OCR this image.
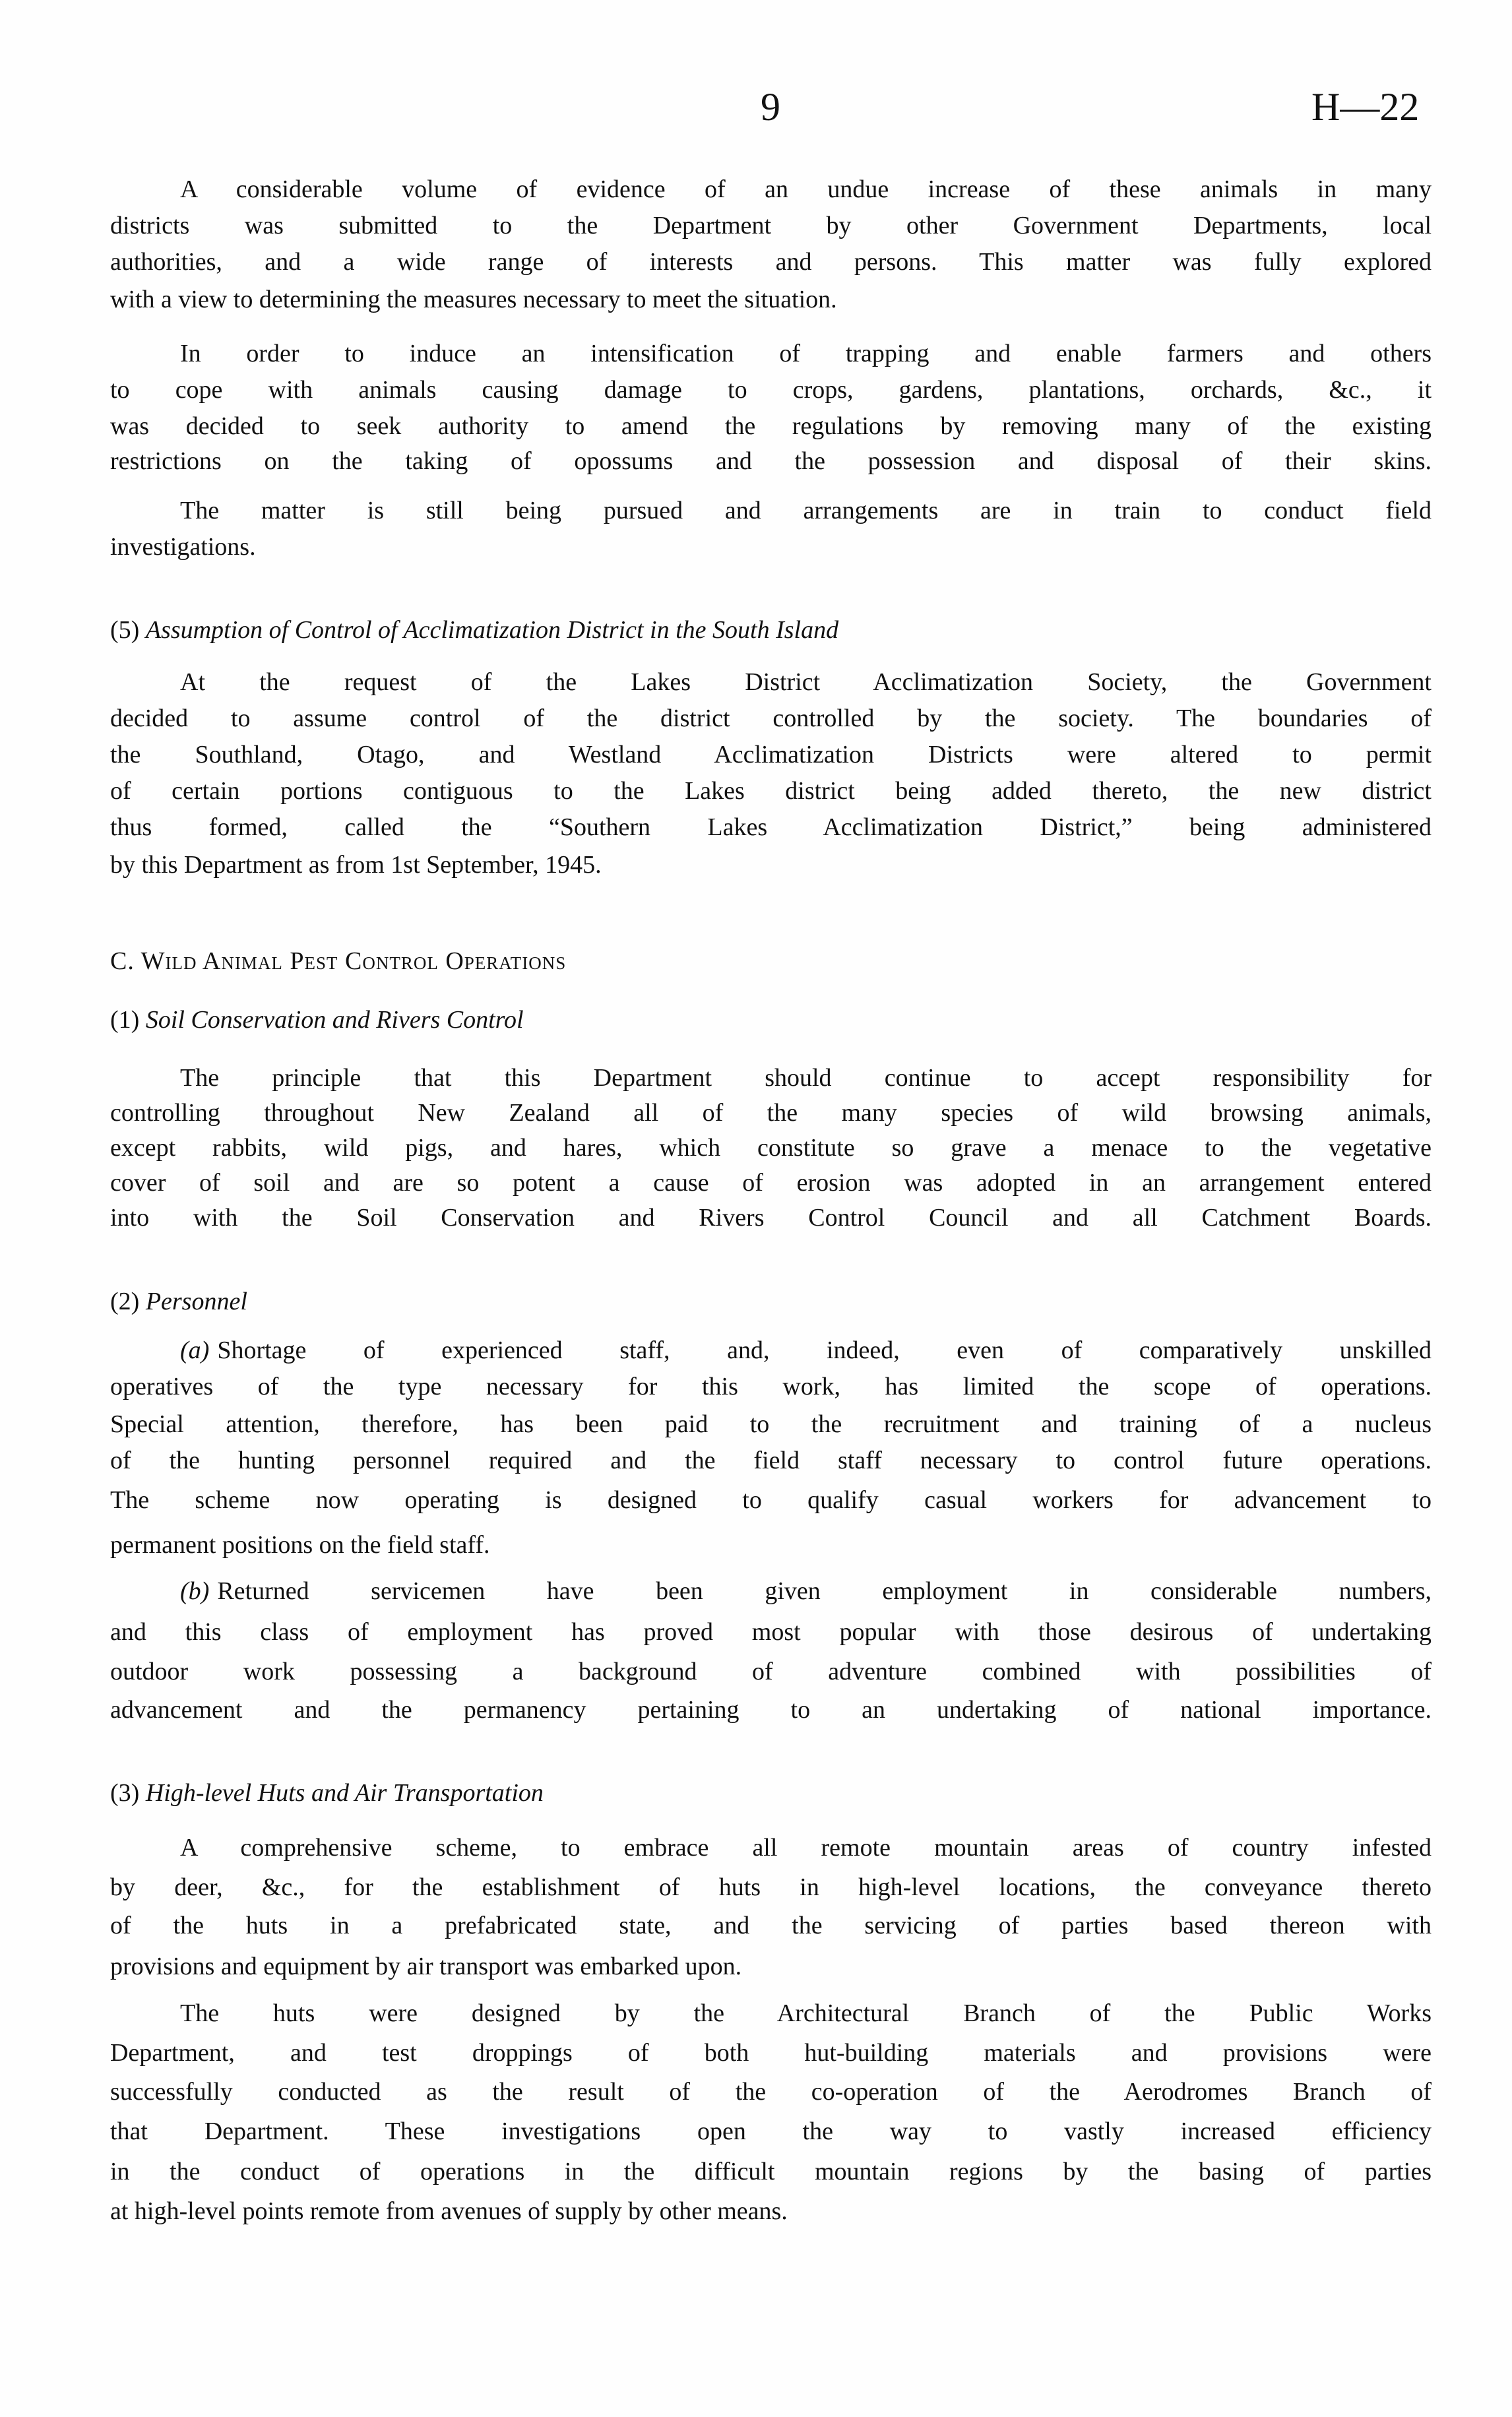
9	H—22
A considerable volume of evidence of an undue increase of these animals in many
districts was submitted to the Department by other Government Departments, local
authorities, and a wide range of interests and persons. This matter was fully explored
with a view to determining the measures necessary to meet the situation.
In order to induce an intensification of trapping and enable farmers and others
to cope with animals causing damage to crops, gardens, plantations, orchards, &c., it
was decided to seek authority to amend the regulations by removing many of the existing
restrictions on the taking of opossums and the possession and disposal of their skins.
The matter is still being pursued and arrangements are in train to conduct field
investigations.
(5) Assumption of Control of Acclimatization District in the South Island
At the request of the Lakes District Acclimatization Society, the Government
decided to assume control of the district controlled by the society. The boundaries of
the Southland, Otago, and Westland Acclimatization Districts were altered to permit
of certain portions contiguous to the Lakes district being added thereto, the new district
thus formed, called the “Southern Lakes Acclimatization District,” being administered
by this Department as from 1st September, 1945.
C. Wild Animal Pest Control Operations
(1) Soil Conservation and Rivers Control
The principle that this Department should continue to accept responsibility for
controlling throughout New Zealand all of the many species of wild browsing animals,
except rabbits, wild pigs, and hares, which constitute so grave a menace to the vegetative
cover of soil and are so potent a cause of erosion was adopted in an arrangement entered
into with the Soil Conservation and Rivers Control Council and all Catchment Boards.
(2) Personnel
(a) Shortage of experienced staff, and, indeed, even of comparatively unskilled
operatives of the type necessary for this work, has limited the scope of operations.
Special attention, therefore, has been paid to the recruitment and training of a nucleus
of the hunting personnel required and the field staff necessary to control future operations.
The scheme now operating is designed to qualify casual workers for advancement to
permanent positions on the field staff.
(b) Returned servicemen have been given employment in considerable numbers,
and this class of employment has proved most popular with those desirous of undertaking
outdoor work possessing a background of adventure combined with possibilities of
advancement and the permanency pertaining to an undertaking of national importance.
(3) High-level Huts and Air Transportation
A comprehensive scheme, to embrace all remote mountain areas of country infested
by deer, &c., for the establishment of huts in high-level locations, the conveyance thereto
of the huts in a prefabricated state, and the servicing of parties based thereon with
provisions and equipment by air transport was embarked upon.
The huts were designed by the Architectural Branch of the Public Works
Department, and test droppings of both hut-building materials and provisions were
successfully conducted as the result of the co-operation of the Aerodromes Branch of
that Department. These investigations open the way to vastly increased efficiency
in the conduct of operations in the difficult mountain regions by the basing of parties
at high-level points remote from avenues of supply by other means.
